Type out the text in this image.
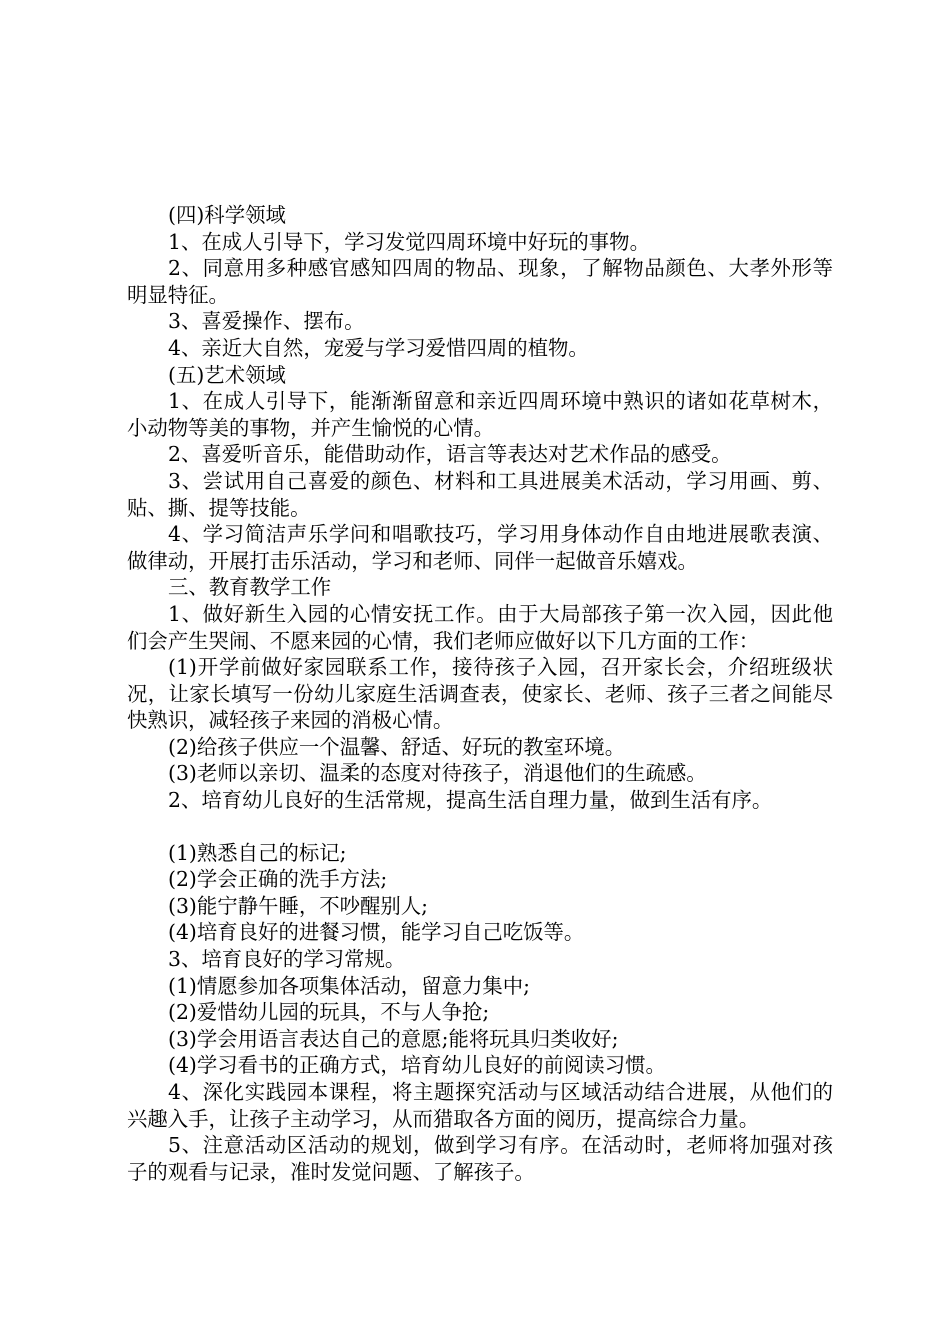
(四)科学领域

1、在成人引导下，学习发觉四周环境中好玩的事物。

2、同意用多种感官感知四周的物品、现象，了解物品颜色、大孝外形等明显特征。

3、喜爱操作、摆布。

4、亲近大自然，宠爱与学习爱惜四周的植物。

(五)艺术领域

1、在成人引导下，能渐渐留意和亲近四周环境中熟识的诸如花草树木，小动物等美的事物，并产生愉悦的心情。

2、喜爱听音乐，能借助动作，语言等表达对艺术作品的感受。

3、尝试用自己喜爱的颜色、材料和工具进展美术活动，学习用画、剪、贴、撕、提等技能。

4、学习简洁声乐学问和唱歌技巧，学习用身体动作自由地进展歌表演、做律动，开展打击乐活动，学习和老师、同伴一起做音乐嬉戏。

三、教育教学工作

1、做好新生入园的心情安抚工作。由于大局部孩子第一次入园，因此他们会产生哭闹、不愿来园的心情，我们老师应做好以下几方面的工作：

(1)开学前做好家园联系工作，接待孩子入园，召开家长会，介绍班级状况，让家长填写一份幼儿家庭生活调查表，使家长、老师、孩子三者之间能尽快熟识，减轻孩子来园的消极心情。

(2)给孩子供应一个温馨、舒适、好玩的教室环境。

(3)老师以亲切、温柔的态度对待孩子，消退他们的生疏感。

2、培育幼儿良好的生活常规，提高生活自理力量，做到生活有序。

(1)熟悉自己的标记;

(2)学会正确的洗手方法;

(3)能宁静午睡，不吵醒别人;

(4)培育良好的进餐习惯，能学习自己吃饭等。

3、培育良好的学习常规。

(1)情愿参加各项集体活动，留意力集中;

(2)爱惜幼儿园的玩具，不与人争抢;

(3)学会用语言表达自己的意愿;能将玩具归类收好;

(4)学习看书的正确方式，培育幼儿良好的前阅读习惯。

4、深化实践园本课程，将主题探究活动与区域活动结合进展，从他们的兴趣入手，让孩子主动学习，从而猎取各方面的阅历，提高综合力量。

5、注意活动区活动的规划，做到学习有序。在活动时，老师将加强对孩子的观看与记录，准时发觉问题、了解孩子。
